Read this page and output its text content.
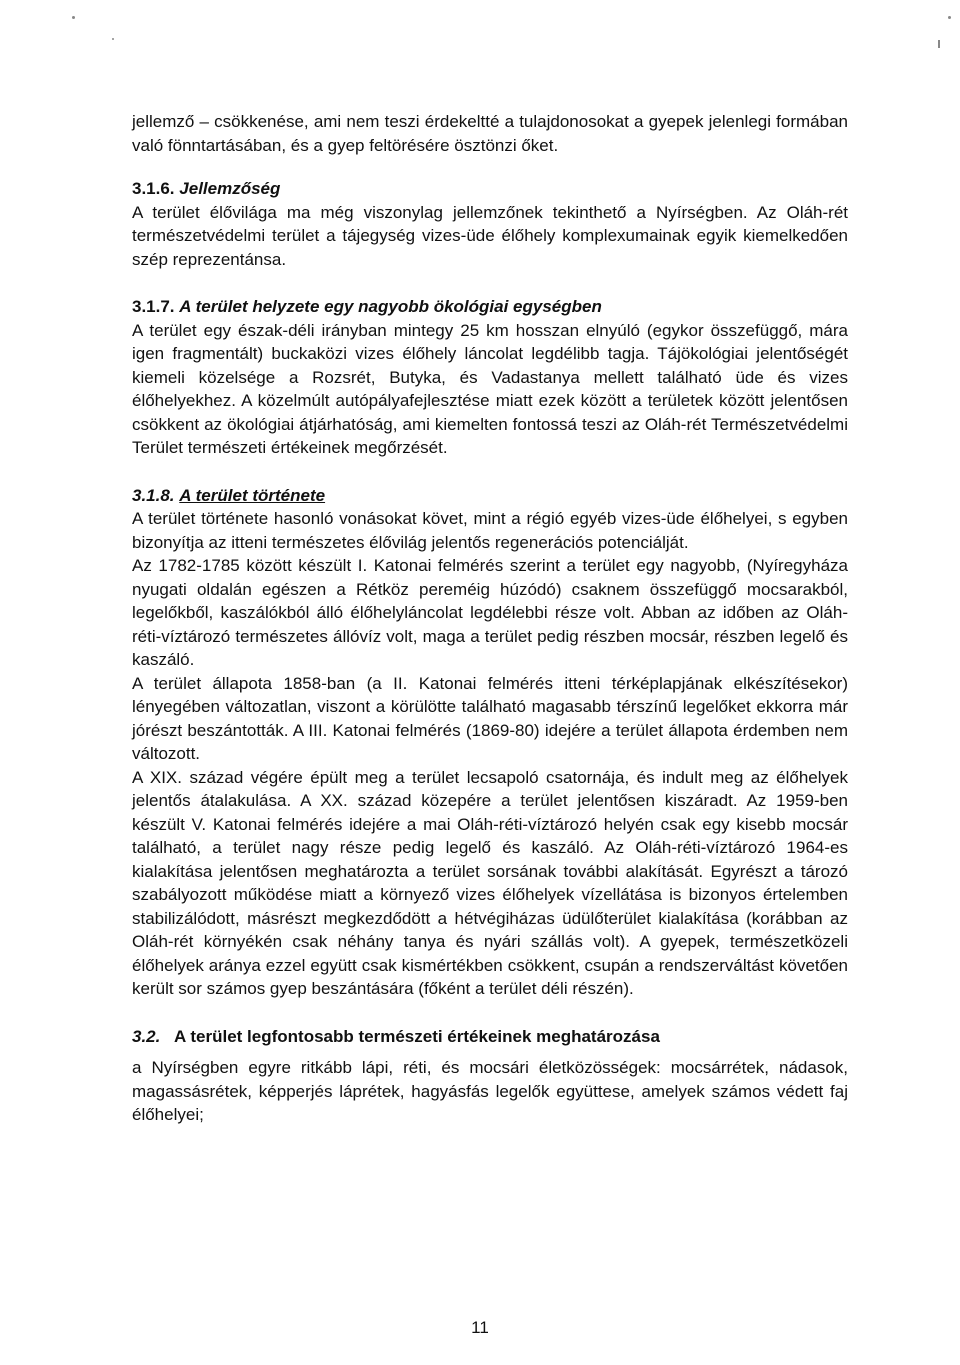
jellemző – csökkenése, ami nem teszi érdekeltté a tulajdonosokat a gyepek jelenlegi formában való fönntartásában, és a gyep feltörésére ösztönzi őket.

3.1.6. Jellemzőség

A terület élővilága ma még viszonylag jellemzőnek tekinthető a Nyírségben. Az Oláh-rét természetvédelmi terület a tájegység vizes-üde élőhely komplexumainak egyik kiemelkedően szép reprezentánsa.

3.1.7. A terület helyzete egy nagyobb ökológiai egységben

A terület egy észak-déli irányban mintegy 25 km hosszan elnyúló (egykor összefüggő, mára igen fragmentált) buckaközi vizes élőhely láncolat legdélibb tagja. Tájökológiai jelentőségét kiemeli közelsége a Rozsrét, Butyka, és Vadastanya mellett található üde és vizes élőhelyekhez. A közelmúlt autópályafejlesztése miatt ezek között a területek között jelentősen csökkent az ökológiai átjárhatóság, ami kiemelten fontossá teszi az Oláh-rét Természetvédelmi Terület természeti értékeinek megőrzését.

3.1.8. A terület története

A terület története hasonló vonásokat követ, mint a régió egyéb vizes-üde élőhelyei, s egyben bizonyítja az itteni természetes élővilág jelentős regenerációs potenciálját.

Az 1782-1785 között készült I. Katonai felmérés szerint a terület egy nagyobb, (Nyíregyháza nyugati oldalán egészen a Rétköz pereméig húzódó) csaknem összefüggő mocsarakból, legelőkből, kaszálókból álló élőhelyláncolat legdélebbi része volt. Abban az időben az Oláh-réti-víztározó természetes állóvíz volt, maga a terület pedig részben mocsár, részben legelő és kaszáló.

A terület állapota 1858-ban (a II. Katonai felmérés itteni térképlapjának elkészítésekor) lényegében változatlan, viszont a körülötte található magasabb térszínű legelőket ekkorra már jórészt beszántották. A III. Katonai felmérés (1869-80) idejére a terület állapota érdemben nem változott.

A XIX. század végére épült meg a terület lecsapoló csatornája, és indult meg az élőhelyek jelentős átalakulása. A XX. század közepére a terület jelentősen kiszáradt. Az 1959-ben készült V. Katonai felmérés idejére a mai Oláh-réti-víztározó helyén csak egy kisebb mocsár található, a terület nagy része pedig legelő és kaszáló. Az Oláh-réti-víztározó 1964-es kialakítása jelentősen meghatározta a terület sorsának további alakítását. Egyrészt a tározó szabályozott működése miatt a környező vizes élőhelyek vízellátása is bizonyos értelemben stabilizálódott, másrészt megkezdődött a hétvégiházas üdülőterület kialakítása (korábban az Oláh-rét környékén csak néhány tanya és nyári szállás volt). A gyepek, természetközeli élőhelyek aránya ezzel együtt csak kismértékben csökkent, csupán a rendszerváltást követően került sor számos gyep beszántására (főként a terület déli részén).

3.2. A terület legfontosabb természeti értékeinek meghatározása

a Nyírségben egyre ritkább lápi, réti, és mocsári életközösségek: mocsárrétek, nádasok, magassásrétek, képperjés láprétek, hagyásfás legelők együttese, amelyek számos védett faj élőhelyei;

11
